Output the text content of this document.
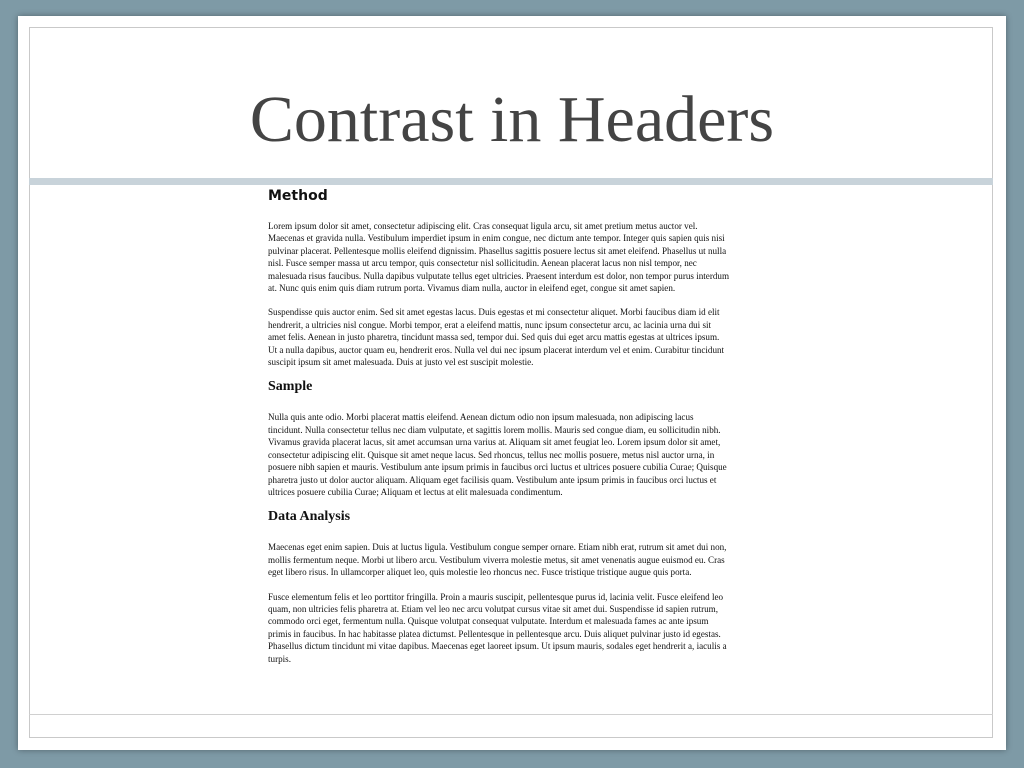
Contrast in Headers
Method

Lorem ipsum dolor sit amet, consectetur adipiscing elit. Cras consequat ligula arcu, sit amet pretium metus auctor vel. Maecenas et gravida nulla. Vestibulum imperdiet ipsum in enim congue, nec dictum ante tempor. Integer quis sapien quis nisi pulvinar placerat. Pellentesque mollis eleifend dignissim. Phasellus sagittis posuere lectus sit amet eleifend. Phasellus ut nulla nisl. Fusce semper massa ut arcu tempor, quis consectetur nisl sollicitudin. Aenean placerat lacus non nisl tempor, nec malesuada risus faucibus. Nulla dapibus vulputate tellus eget ultricies. Praesent interdum est dolor, non tempor purus interdum at. Nunc quis enim quis diam rutrum porta. Vivamus diam nulla, auctor in eleifend eget, congue sit amet sapien.

Suspendisse quis auctor enim. Sed sit amet egestas lacus. Duis egestas et mi consectetur aliquet. Morbi faucibus diam id elit hendrerit, a ultricies nisl congue. Morbi tempor, erat a eleifend mattis, nunc ipsum consectetur arcu, ac lacinia urna dui sit amet felis. Aenean in justo pharetra, tincidunt massa sed, tempor dui. Sed quis dui eget arcu mattis egestas at ultrices ipsum. Ut a nulla dapibus, auctor quam eu, hendrerit eros. Nulla vel dui nec ipsum placerat interdum vel et enim. Curabitur tincidunt suscipit ipsum sit amet malesuada. Duis at justo vel est suscipit molestie.

Sample

Nulla quis ante odio. Morbi placerat mattis eleifend. Aenean dictum odio non ipsum malesuada, non adipiscing lacus tincidunt. Nulla consectetur tellus nec diam vulputate, et sagittis lorem mollis. Mauris sed congue diam, eu sollicitudin nibh. Vivamus gravida placerat lacus, sit amet accumsan urna varius at. Aliquam sit amet feugiat leo. Lorem ipsum dolor sit amet, consectetur adipiscing elit. Quisque sit amet neque lacus. Sed rhoncus, tellus nec mollis posuere, metus nisl auctor urna, in posuere nibh sapien et mauris. Vestibulum ante ipsum primis in faucibus orci luctus et ultrices posuere cubilia Curae; Quisque pharetra justo ut dolor auctor aliquam. Aliquam eget facilisis quam. Vestibulum ante ipsum primis in faucibus orci luctus et ultrices posuere cubilia Curae; Aliquam et lectus at elit malesuada condimentum.

Data Analysis

Maecenas eget enim sapien. Duis at luctus ligula. Vestibulum congue semper ornare. Etiam nibh erat, rutrum sit amet dui non, mollis fermentum neque. Morbi ut libero arcu. Vestibulum viverra molestie metus, sit amet venenatis augue euismod eu. Cras eget libero risus. In ullamcorper aliquet leo, quis molestie leo rhoncus nec. Fusce tristique tristique augue quis porta.

Fusce elementum felis et leo porttitor fringilla. Proin a mauris suscipit, pellentesque purus id, lacinia velit. Fusce eleifend leo quam, non ultricies felis pharetra at. Etiam vel leo nec arcu volutpat cursus vitae sit amet dui. Suspendisse id sapien rutrum, commodo orci eget, fermentum nulla. Quisque volutpat consequat vulputate. Interdum et malesuada fames ac ante ipsum primis in faucibus. In hac habitasse platea dictumst. Pellentesque in pellentesque arcu. Duis aliquet pulvinar justo id egestas. Phasellus dictum tincidunt mi vitae dapibus. Maecenas eget laoreet ipsum. Ut ipsum mauris, sodales eget hendrerit a, iaculis a turpis.
